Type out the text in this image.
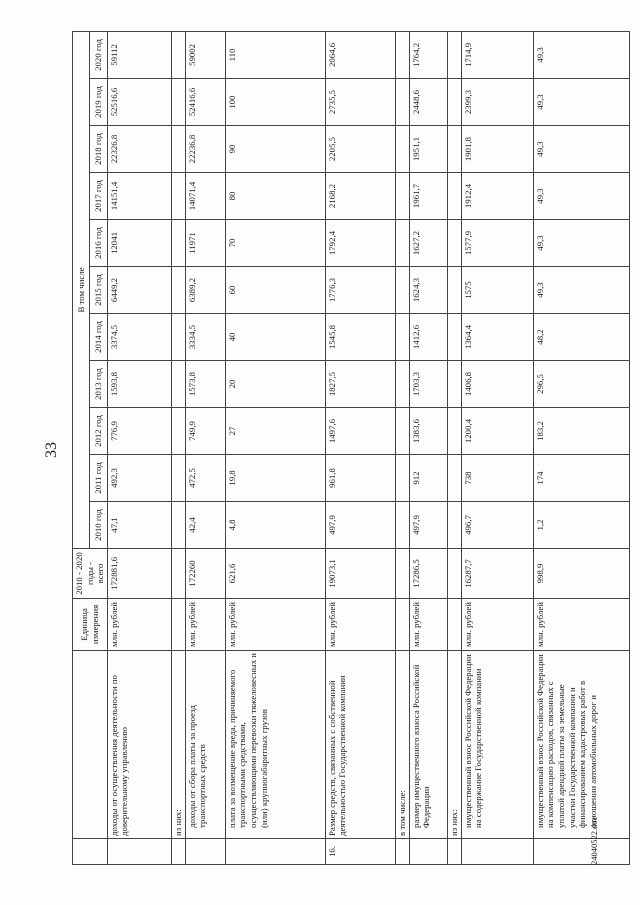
33
		Единица измерения	2010 - 2020 годы - всего	В том числе										
				2010 год	2011 год	2012 год	2013 год	2014 год	2015 год	2016 год	2017 год	2018 год	2019 год	2020 год
	доходы от осуществления деятельности по доверительному управлению	млн. рублей	172881,6	47,1	492,3	776,9	1593,8	3374,5	6449,2	12041	14151,4	22326,8	52516,6	59112
	из них:													
	доходы от сбора платы за проезд транспортных средств	млн. рублей	172260	42,4	472,5	749,9	1573,8	3334,5	6389,2	11971	14071,4	22236,8	52416,6	59002
	плата за возмещение вреда, причиняемого транспортными средствами, осуществляющими перевозки тяжеловесных и (или) крупногабаритных грузов	млн. рублей	621,6	4,8	19,8	27	20	40	60	70	80	90	100	110
16.	Размер средств, связанных с собственной деятельностью Государственной компании	млн. рублей	19073,1	497,9	961,8	1497,6	1827,5	1545,8	1776,3	1792,4	2168,2	2205,5	2735,5	2064,6
	в том числе:													
	размер имущественного взноса Российской Федерации	млн. рублей	17286,5	497,9	912	1383,6	1703,3	1412,6	1624,3	1627,2	1961,7	1951,1	2448,6	1764,2
	из них:													
	имущественный взнос Российской Федерации на содержание Государственной компании	млн. рублей	16287,7	496,7	738	1200,4	1406,8	1364,4	1575	1577,9	1912,4	1901,8	2399,3	1714,9
	имущественный взнос Российской Федерации на компенсацию расходов, связанных с уплатой арендной платы за земельные участки Государственной компании и финансированием кадастровых работ в отношении автомобильных дорог и	млн. рублей	998,9	1,2	174	183,2	296,5	48,2	49,3	49,3	49,3	49,3	49,3	49,3
24040522.doc
